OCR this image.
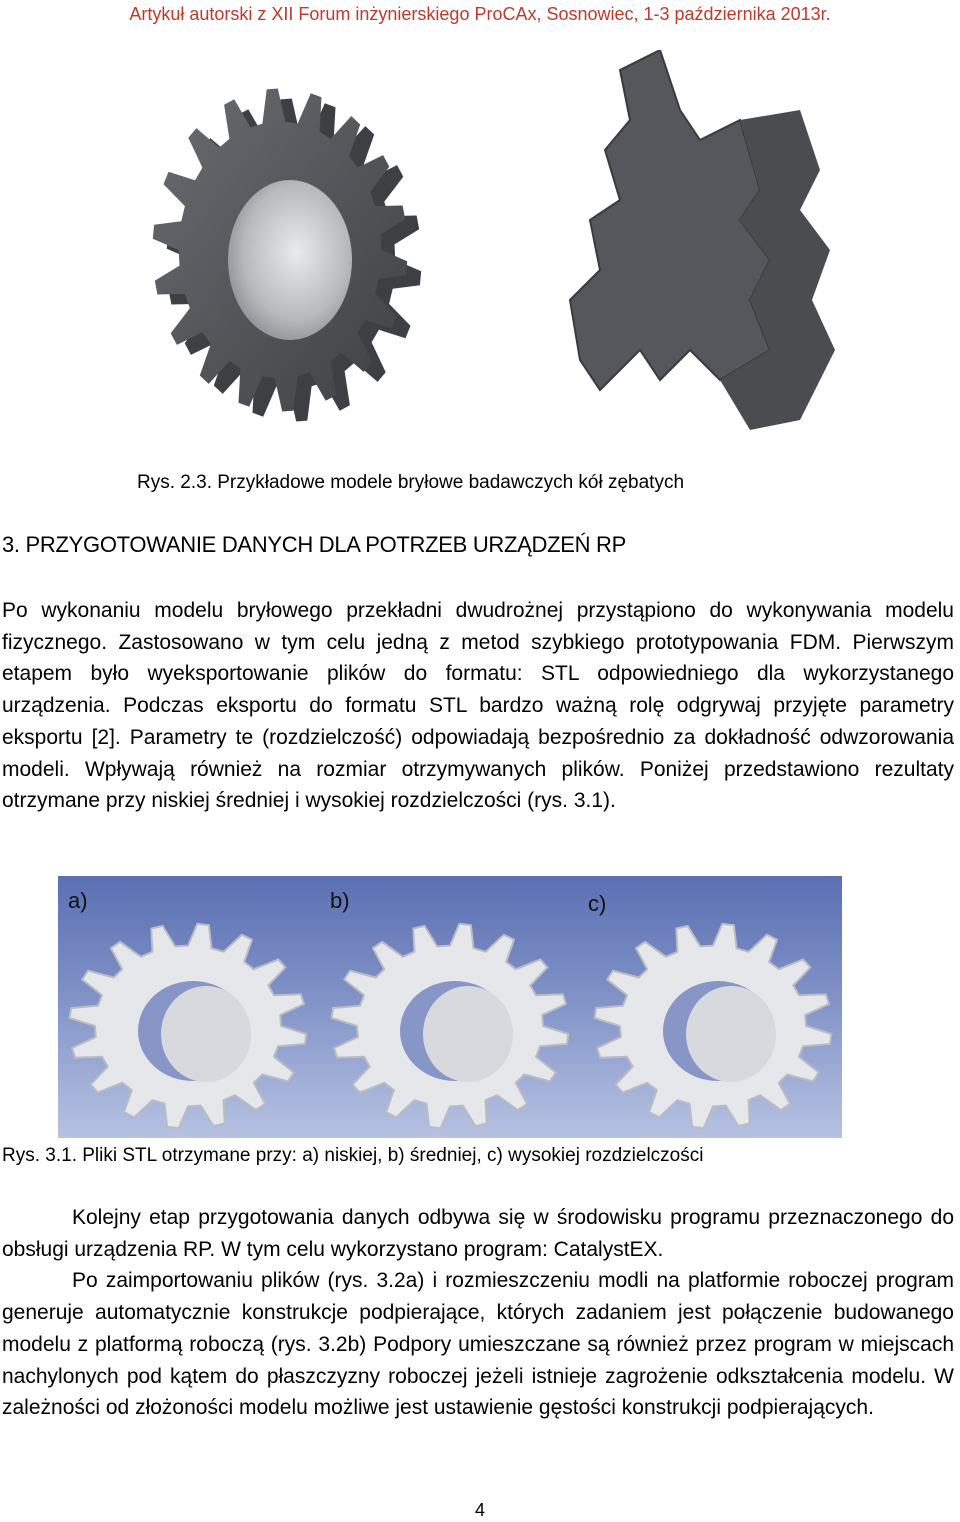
Artykuł autorski z XII Forum inżynierskiego ProCAx, Sosnowiec, 1-3 października 2013r.
Rys. 2.3. Przykładowe modele bryłowe badawczych kół zębatych
3. PRZYGOTOWANIE DANYCH DLA POTRZEB URZĄDZEŃ RP

Po wykonaniu modelu bryłowego przekładni dwudrożnej przystąpiono do wykonywania modelu fizycznego. Zastosowano w tym celu jedną z metod szybkiego prototypowania FDM. Pierwszym etapem było wyeksportowanie plików do formatu: STL odpowiedniego dla wykorzystanego urządzenia. Podczas eksportu do formatu STL bardzo ważną rolę odgrywaj przyjęte parametry eksportu [2]. Parametry te (rozdzielczość) odpowiadają bezpośrednio za dokładność odwzorowania modeli. Wpływają również na rozmiar otrzymywanych plików. Poniżej przedstawiono rezultaty otrzymane przy niskiej średniej i wysokiej rozdzielczości (rys. 3.1).

a)	b)	c)
Rys. 3.1. Pliki STL otrzymane przy: a) niskiej, b) średniej, c) wysokiej rozdzielczości

Kolejny etap przygotowania danych odbywa się w środowisku programu przeznaczonego do obsługi urządzenia RP. W tym celu wykorzystano program: CatalystEX.

Po zaimportowaniu plików (rys. 3.2a) i rozmieszczeniu modli na platformie roboczej program generuje automatycznie konstrukcje podpierające, których zadaniem jest połączenie budowanego modelu z platformą roboczą (rys. 3.2b) Podpory umieszczane są również przez program w miejscach nachylonych pod kątem do płaszczyzny roboczej jeżeli istnieje zagrożenie odkształcenia modelu. W zależności od złożoności modelu możliwe jest ustawienie gęstości konstrukcji podpierających.

4
